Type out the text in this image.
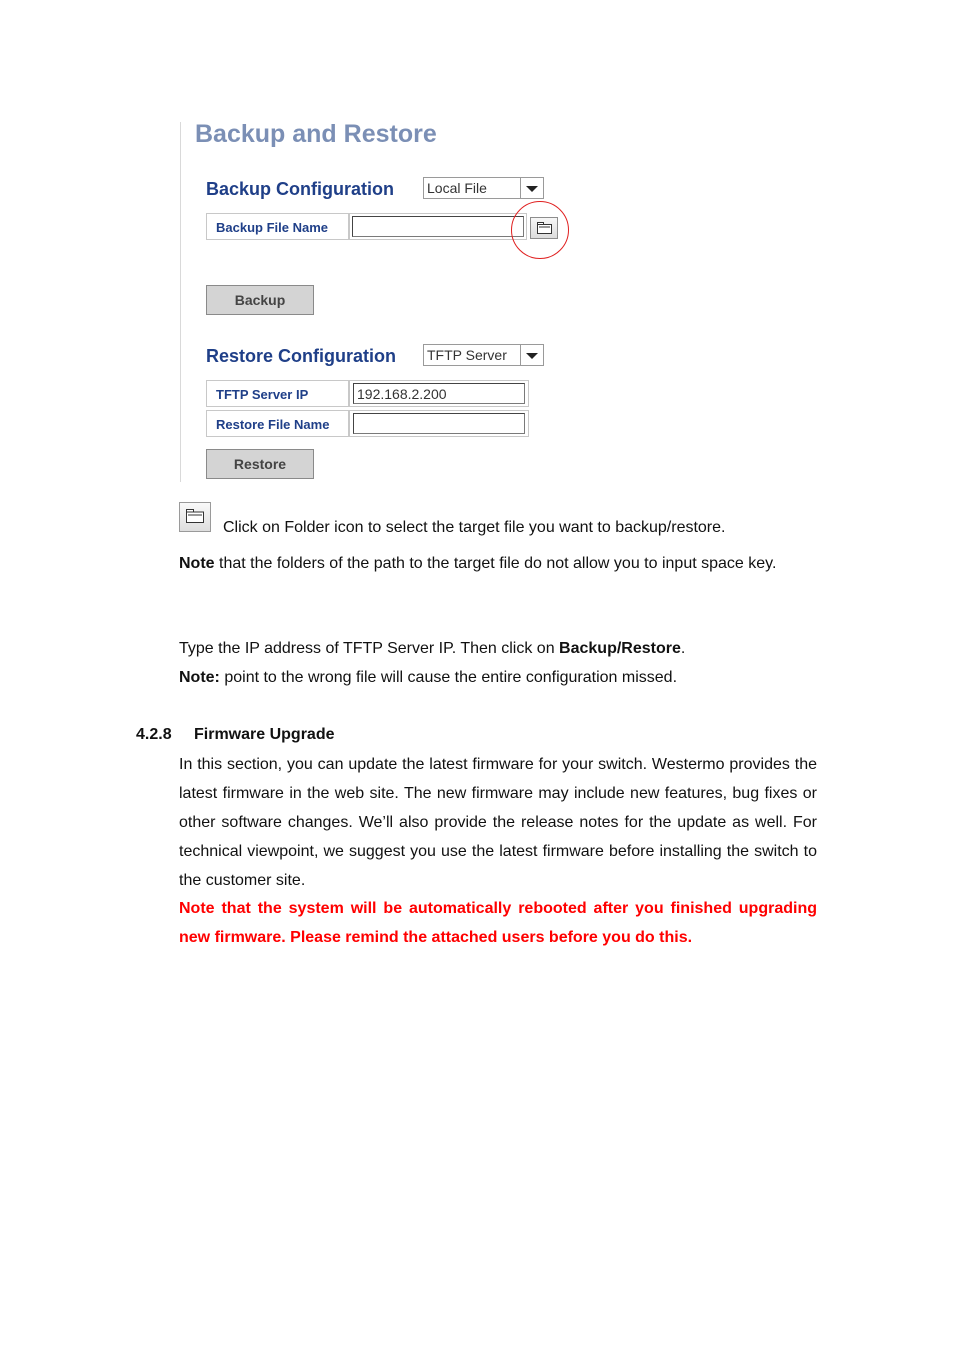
Backup and Restore
Backup Configuration Local File
Backup File Name
Backup
Restore Configuration TFTP Server
TFTP Server IP	192.168.2.200
Restore File Name
Restore
Click on Folder icon to select the target file you want to backup/restore.
Note that the folders of the path to the target file do not allow you to input space key.
Type the IP address of TFTP Server IP. Then click on Backup/Restore.
Note: point to the wrong file will cause the entire configuration missed.
4.2.8 Firmware Upgrade
In this section, you can update the latest firmware for your switch. Westermo provides the latest firmware in the web site. The new firmware may include new features, bug fixes or other software changes. We’ll also provide the release notes for the update as well. For technical viewpoint, we suggest you use the latest firmware before installing the switch to the customer site.
Note that the system will be automatically rebooted after you finished upgrading new firmware. Please remind the attached users before you do this.
